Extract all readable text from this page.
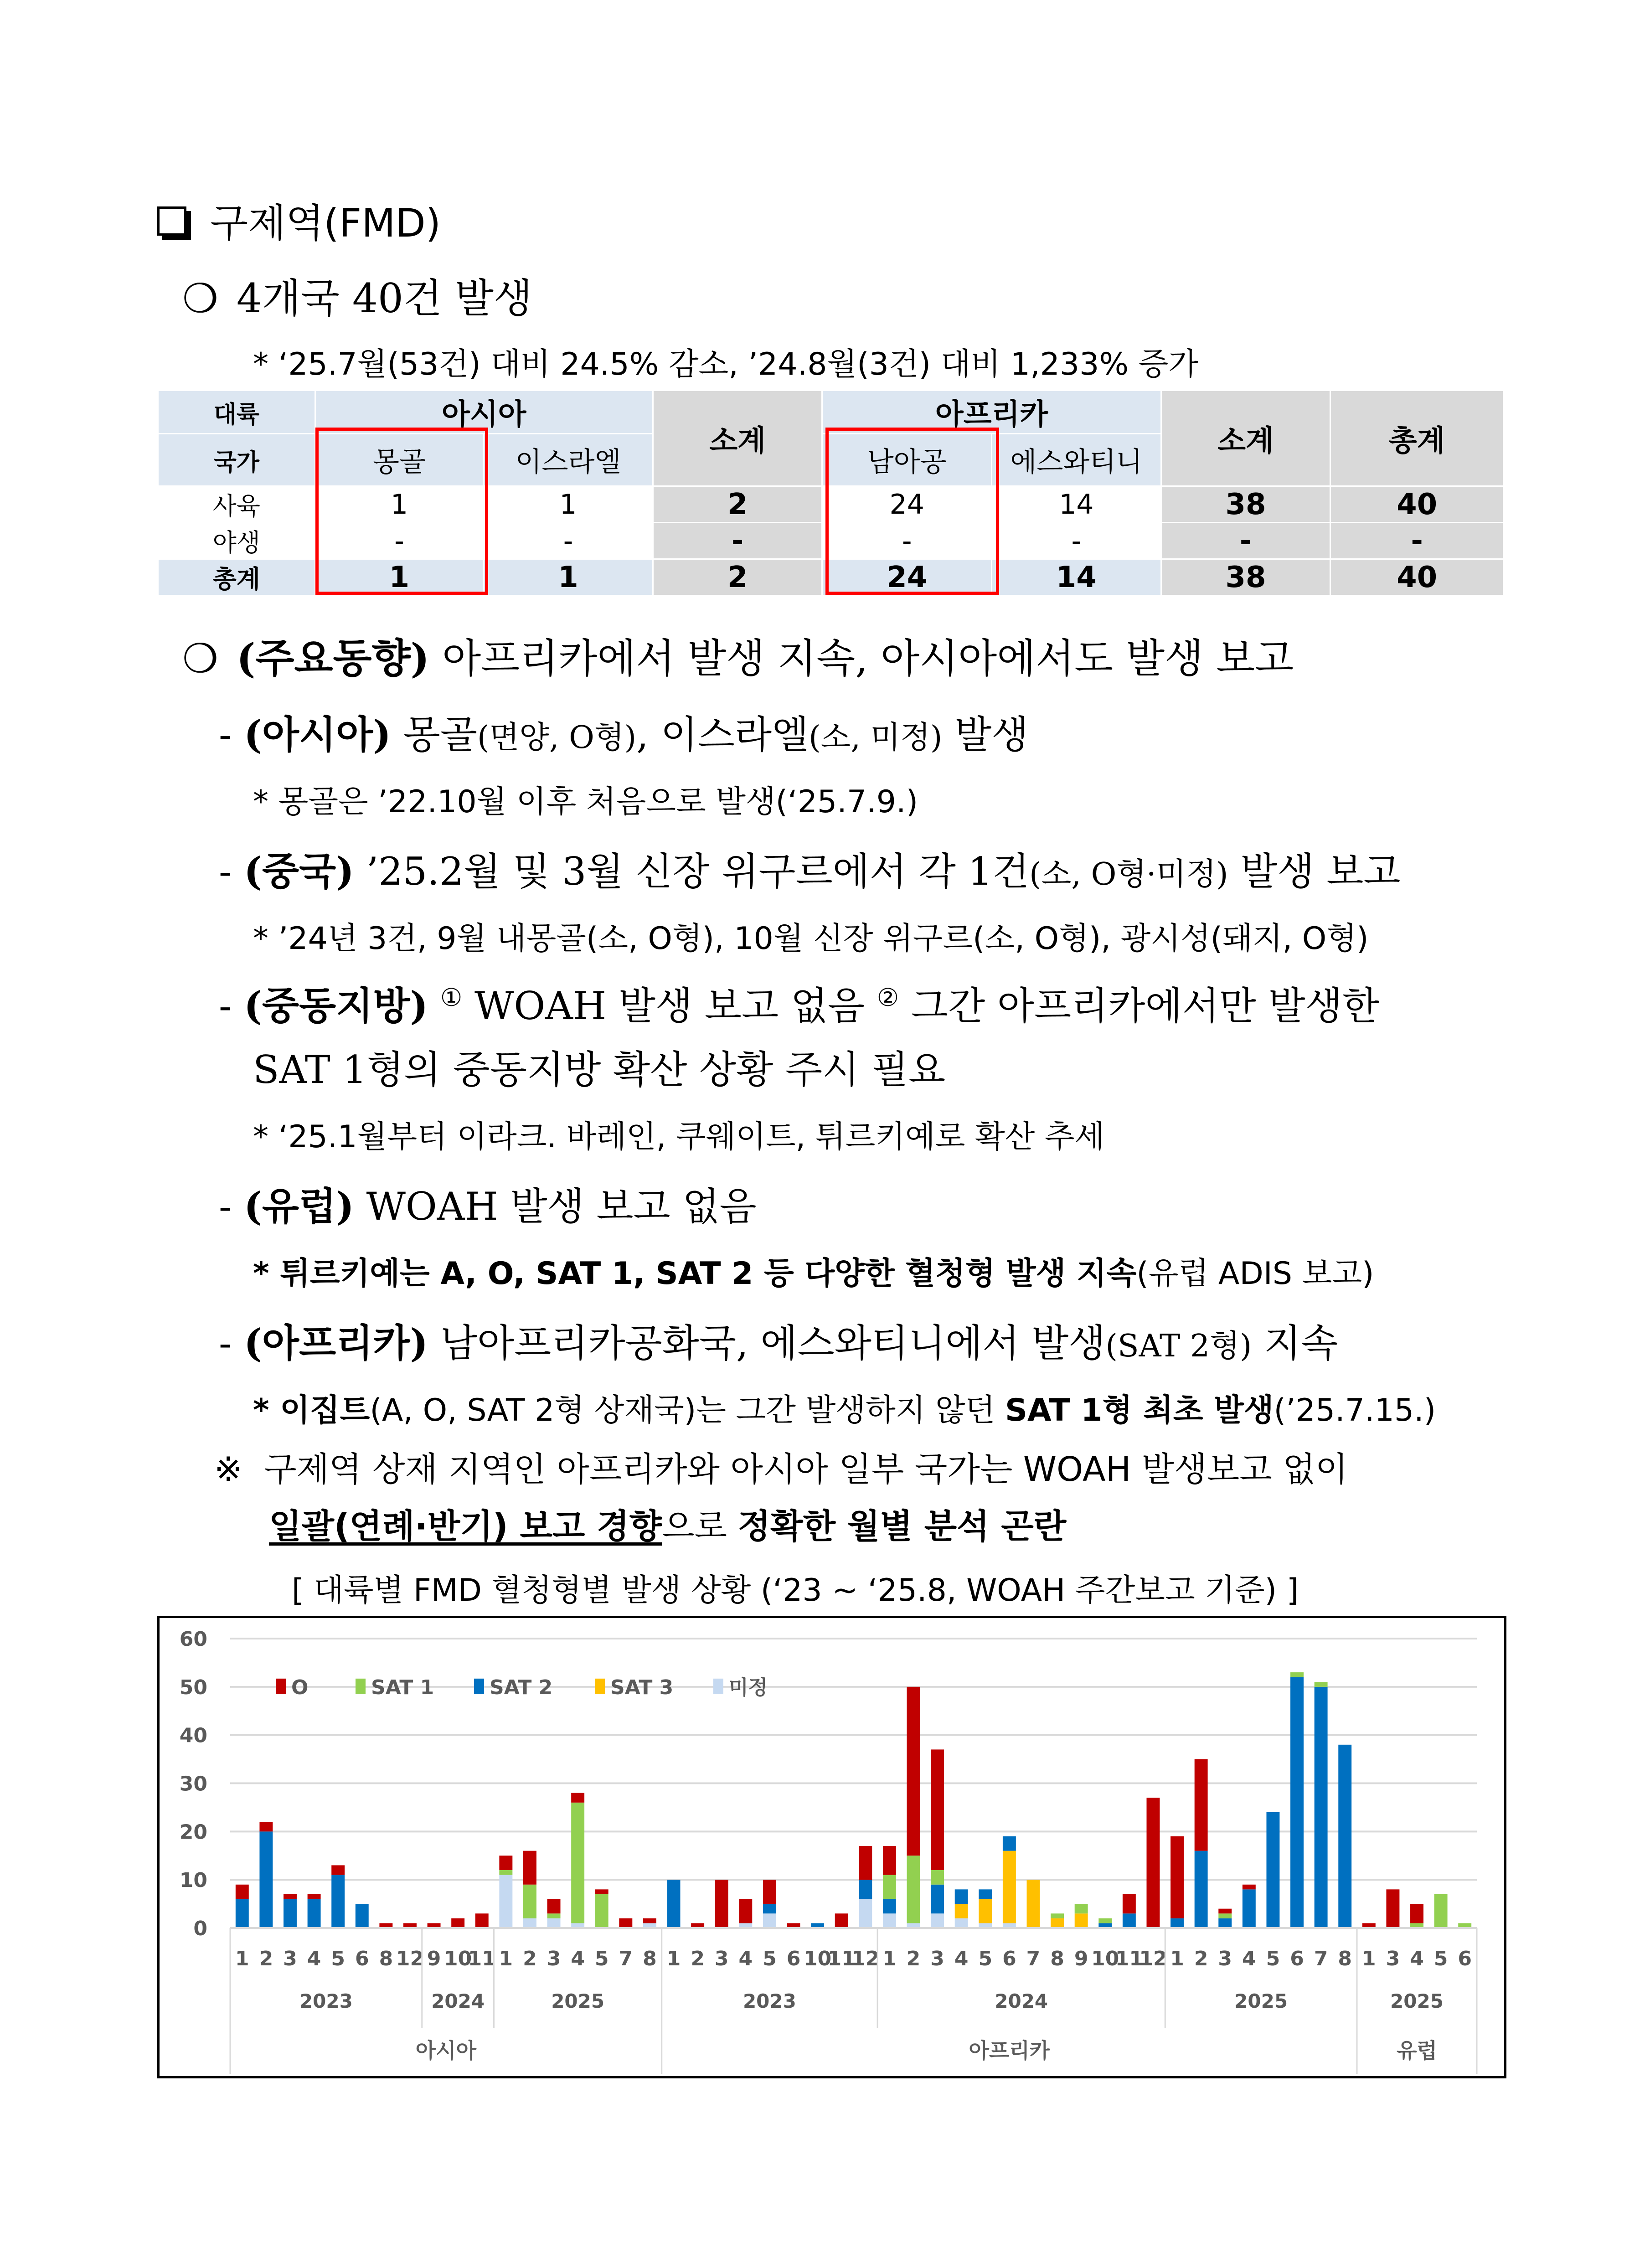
구제역(FMD)
❍ 4개국 40건 발생
* ‘25.7월(53건) 대비 24.5% 감소, ’24.8월(3건) 대비 1,233% 증가
대륙	아시아		소계	아프리카		소계	총계
국가	몽골	이스라엘		남아공	에스와티니		
사육	1	1	2	24	14	38	40
야생	-	-	-	-	-	-	-
총계	1	1	2	24	14	38	40
❍ (주요동향) 아프리카에서 발생 지속, 아시아에서도 발생 보고
- (아시아) 몽골(면양, O형), 이스라엘(소, 미정) 발생
* 몽골은 ’22.10월 이후 처음으로 발생(‘25.7.9.)
- (중국) ’25.2월 및 3월 신장 위구르에서 각 1건(소, O형·미정) 발생 보고
* ’24년 3건, 9월 내몽골(소, O형), 10월 신장 위구르(소, O형), 광시성(돼지, O형)
- (중동지방) ① WOAH 발생 보고 없음 ② 그간 아프리카에서만 발생한
SAT 1형의 중동지방 확산 상황 주시 필요
* ‘25.1월부터 이라크. 바레인, 쿠웨이트, 튀르키예로 확산 추세
- (유럽) WOAH 발생 보고 없음
* 튀르키예는 A, O, SAT 1, SAT 2 등 다양한 혈청형 발생 지속(유럽 ADIS 보고)
- (아프리카) 남아프리카공화국, 에스와티니에서 발생(SAT 2형) 지속
* 이집트(A, O, SAT 2형 상재국)는 그간 발생하지 않던 SAT 1형 최초 발생(’25.7.15.)
※ 구제역 상재 지역인 아프리카와 아시아 일부 국가는 WOAH 발생보고 없이
일괄(연례·반기) 보고 경향으로 정확한 월별 분석 곤란
[ 대륙별 FMD 혈청형별 발생 상황 (‘23 ~ ‘25.8, WOAH 주간보고 기준) ]
0
10
20
30
40
50
60
1 2 3 4 5 6 8 12 9 10
11 1 2 3 4 5 7 8 1 2 3 4 5 6 10
11
12 1 2 3 4 5 6 7 8 9 10
11
12 1 2 3 4 5 6 7 8 1 3 4 5 6
2023	2024	2025
아시아
2023	2024	2025
아프리카
2025
유럽
O	SAT 1	SAT 2	SAT 3	미정
